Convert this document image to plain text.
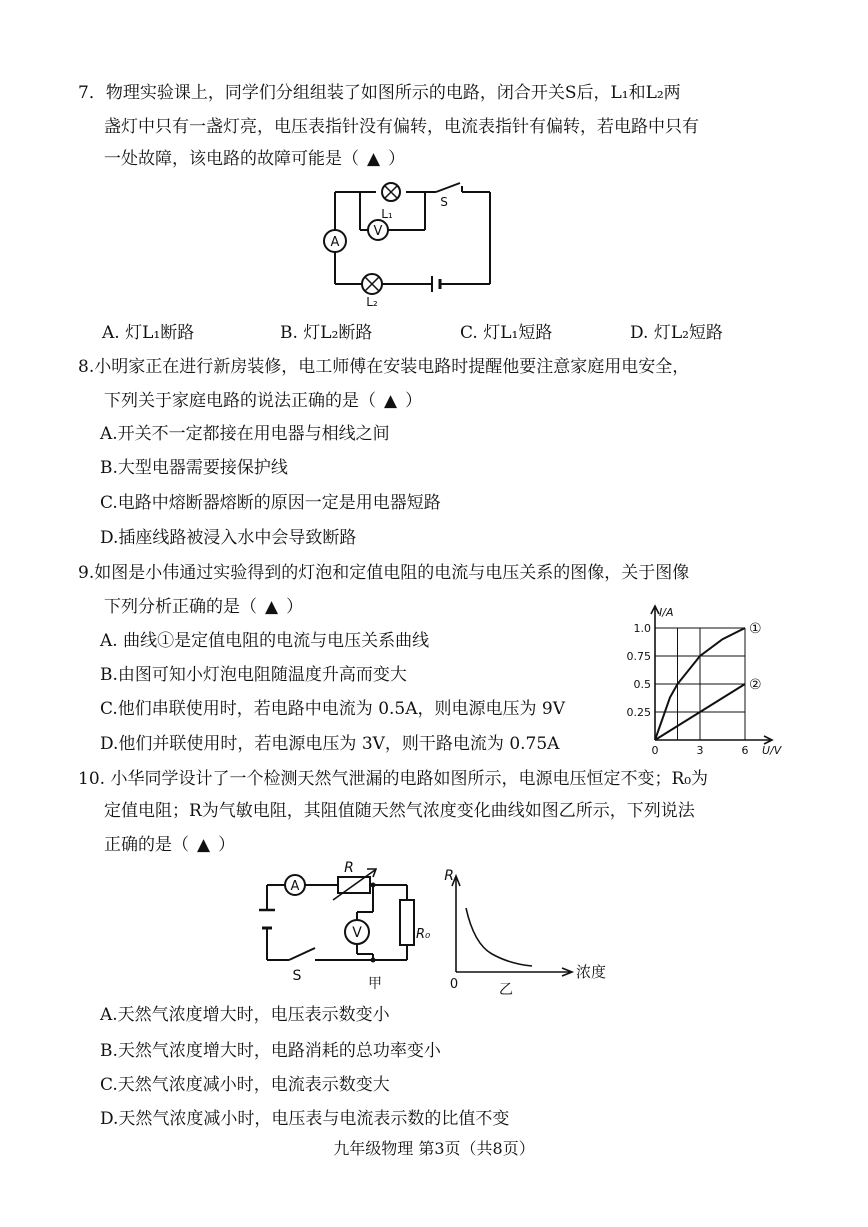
7．物理实验课上，同学们分组组装了如图所示的电路，闭合开关S后，L₁和L₂两
盏灯中只有一盏灯亮，电压表指针没有偏转，电流表指针有偏转，若电路中只有
一处故障，该电路的故障可能是（ ▲ ）
A
V
L₁
S
L₂
A. 灯L₁断路	B. 灯L₂断路	C. 灯L₁短路	D. 灯L₂短路
8.小明家正在进行新房装修，电工师傅在安装电路时提醒他要注意家庭用电安全，
下列关于家庭电路的说法正确的是（ ▲ ）
A.开关不一定都接在用电器与相线之间
B.大型电器需要接保护线
C.电路中熔断器熔断的原因一定是用电器短路
D.插座线路被浸入水中会导致断路
9.如图是小伟通过实验得到的灯泡和定值电阻的电流与电压关系的图像，关于图像
下列分析正确的是（ ▲ ）
A. 曲线①是定值电阻的电流与电压关系曲线
B.由图可知小灯泡电阻随温度升高而变大
C.他们串联使用时，若电路中电流为 0.5A，则电源电压为 9V
D.他们并联使用时，若电源电压为 3V，则干路电流为 0.75A
①
②
0.25
0.5
0.75
1.0
0	3	6
I/A
U/V
10. 小华同学设计了一个检测天然气泄漏的电路如图所示，电源电压恒定不变；R₀为
定值电阻；R为气敏电阻，其阻值随天然气浓度变化曲线如图乙所示，下列说法
正确的是（ ▲ ）
A
V
R
R₀
S	甲
R
0
浓度
乙
A.天然气浓度增大时，电压表示数变小
B.天然气浓度增大时，电路消耗的总功率变小
C.天然气浓度减小时，电流表示数变大
D.天然气浓度减小时，电压表与电流表示数的比值不变
九年级物理 第3页（共8页）
